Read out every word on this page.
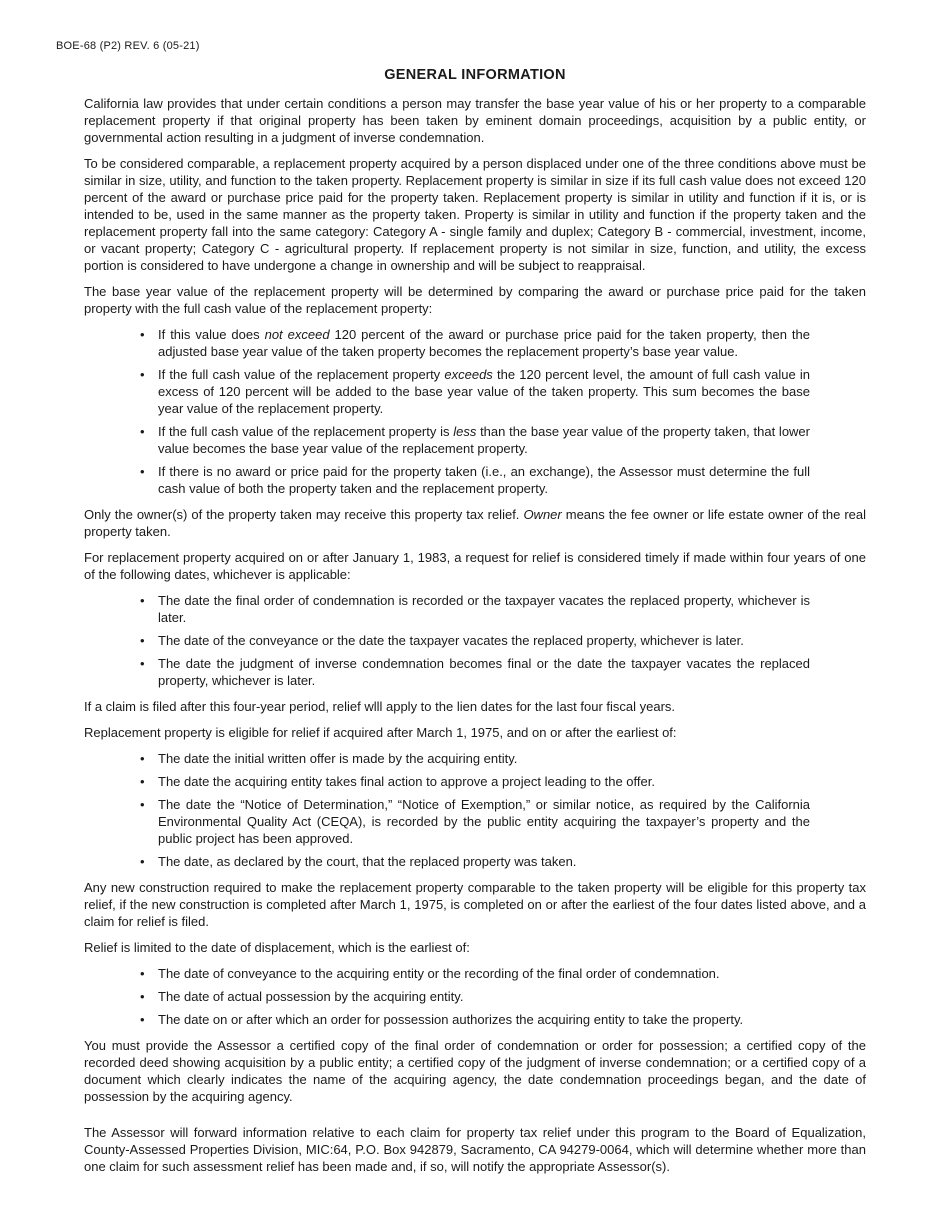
BOE-68 (P2) REV. 6 (05-21)
GENERAL INFORMATION

California law provides that under certain conditions a person may transfer the base year value of his or her property to a comparable replacement property if that original property has been taken by eminent domain proceedings, acquisition by a public entity, or governmental action resulting in a judgment of inverse condemnation.

To be considered comparable, a replacement property acquired by a person displaced under one of the three conditions above must be similar in size, utility, and function to the taken property. Replacement property is similar in size if its full cash value does not exceed 120 percent of the award or purchase price paid for the property taken. Replacement property is similar in utility and function if it is, or is intended to be, used in the same manner as the property taken. Property is similar in utility and function if the property taken and the replacement property fall into the same category: Category A - single family and duplex; Category B - commercial, investment, income, or vacant property; Category C - agricultural property. If replacement property is not similar in size, function, and utility, the excess portion is considered to have undergone a change in ownership and will be subject to reappraisal.

The base year value of the replacement property will be determined by comparing the award or purchase price paid for the taken property with the full cash value of the replacement property:

• If this value does not exceed 120 percent of the award or purchase price paid for the taken property, then the adjusted base year value of the taken property becomes the replacement property’s base year value.
• If the full cash value of the replacement property exceeds the 120 percent level, the amount of full cash value in excess of 120 percent will be added to the base year value of the taken property. This sum becomes the base year value of the replacement property.
• If the full cash value of the replacement property is less than the base year value of the property taken, that lower value becomes the base year value of the replacement property.
• If there is no award or price paid for the property taken (i.e., an exchange), the Assessor must determine the full cash value of both the property taken and the replacement property.

Only the owner(s) of the property taken may receive this property tax relief. Owner means the fee owner or life estate owner of the real property taken.

For replacement property acquired on or after January 1, 1983, a request for relief is considered timely if made within four years of one of the following dates, whichever is applicable:

• The date the final order of condemnation is recorded or the taxpayer vacates the replaced property, whichever is later.
• The date of the conveyance or the date the taxpayer vacates the replaced property, whichever is later.
• The date the judgment of inverse condemnation becomes final or the date the taxpayer vacates the replaced property, whichever is later.

If a claim is filed after this four-year period, relief wlll apply to the lien dates for the last four fiscal years.

Replacement property is eligible for relief if acquired after March 1, 1975, and on or after the earliest of:

• The date the initial written offer is made by the acquiring entity.
• The date the acquiring entity takes final action to approve a project leading to the offer.
• The date the “Notice of Determination,” “Notice of Exemption,” or similar notice, as required by the California Environmental Quality Act (CEQA), is recorded by the public entity acquiring the taxpayer’s property and the public project has been approved.
• The date, as declared by the court, that the replaced property was taken.

Any new construction required to make the replacement property comparable to the taken property will be eligible for this property tax relief, if the new construction is completed after March 1, 1975, is completed on or after the earliest of the four dates listed above, and a claim for relief is filed.

Relief is limited to the date of displacement, which is the earliest of:

• The date of conveyance to the acquiring entity or the recording of the final order of condemnation.
• The date of actual possession by the acquiring entity.
• The date on or after which an order for possession authorizes the acquiring entity to take the property.

You must provide the Assessor a certified copy of the final order of condemnation or order for possession; a certified copy of the recorded deed showing acquisition by a public entity; a certified copy of the judgment of inverse condemnation; or a certified copy of a document which clearly indicates the name of the acquiring agency, the date condemnation proceedings began, and the date of possession by the acquiring agency.

The Assessor will forward information relative to each claim for property tax relief under this program to the Board of Equalization, County-Assessed Properties Division, MIC:64, P.O. Box 942879, Sacramento, CA 94279-0064, which will determine whether more than one claim for such assessment relief has been made and, if so, will notify the appropriate Assessor(s).
